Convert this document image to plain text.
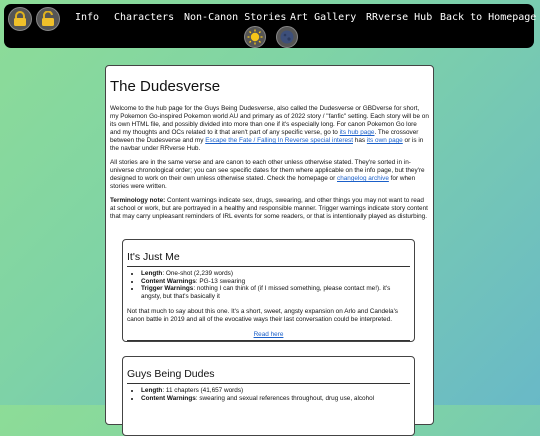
Info Characters Non-Canon Stories Art Gallery RRverse Hub Back to Homepage
The Dudesverse

Welcome to the hub page for the Guys Being Dudesverse, also called the Dudesverse or GBDverse for short, my Pokemon Go-inspired Pokemon world AU and primary as of 2022 story / "fanfic" setting. Each story will be on its own HTML file, and possibly divided into more than one if it's especially long. For canon Pokemon Go lore and my thoughts and OCs related to it that aren't part of any specific verse, go to its hub page. The crossover between the Dudesverse and my Escape the Fate / Falling In Reverse special interest has its own page or is in the navbar under RRverse Hub.

All stories are in the same verse and are canon to each other unless otherwise stated. They're sorted in in-universe chronological order; you can see specific dates for them where applicable on the info page, but they're designed to work on their own unless otherwise stated. Check the homepage or changelog archive for when stories were written.

Terminology note: Content warnings indicate sex, drugs, swearing, and other things you may not want to read at school or work, but are portrayed in a healthy and responsible manner. Trigger warnings indicate story content that may carry unpleasant reminders of IRL events for some readers, or that is intentionally played as disturbing.

It's Just Me
• Length: One-shot (2,239 words)
• Content Warnings: PG-13 swearing
• Trigger Warnings: nothing I can think of (if I missed something, please contact me!). it's angsty, but that's basically it

Not that much to say about this one. It's a short, sweet, angsty expansion on Arlo and Candela's canon battle in 2019 and all of the evocative ways their last conversation could be interpreted.

Read here
Guys Being Dudes
• Length: 11 chapters (41,657 words)
• Content Warnings: swearing and sexual references throughout, drug use, alcohol
